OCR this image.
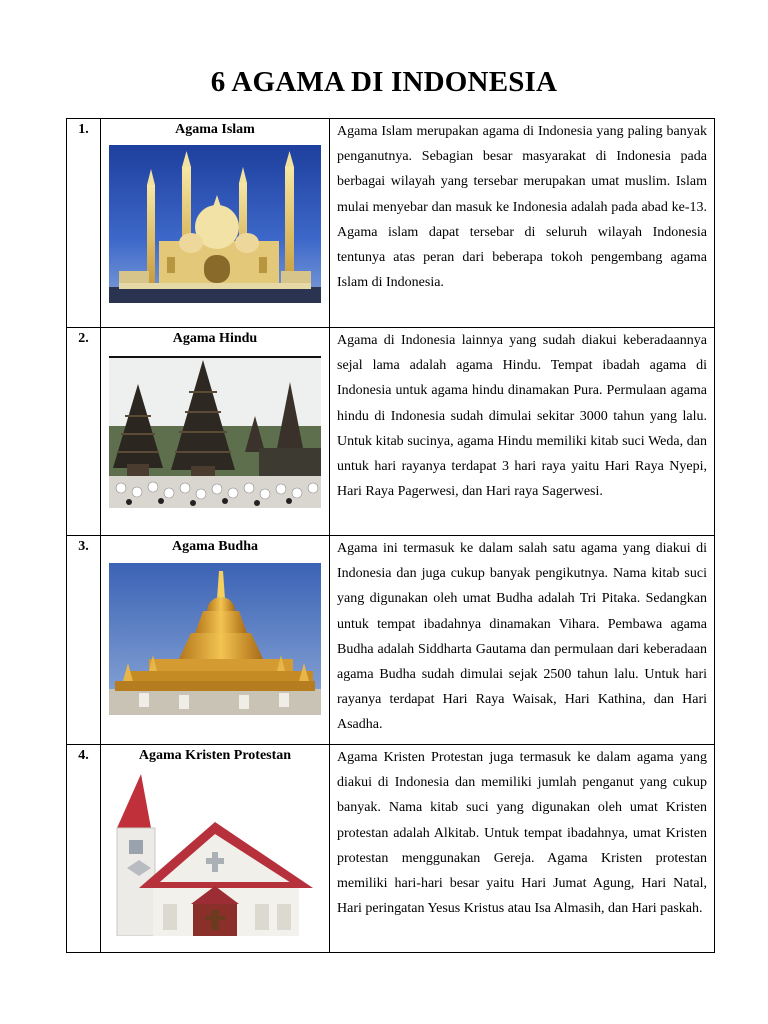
6 AGAMA DI INDONESIA
1.	Agama Islam	Agama Islam merupakan agama di Indonesia yang paling banyak penganutnya. Sebagian besar masyarakat di Indonesia pada berbagai wilayah yang tersebar merupakan umat muslim. Islam mulai menyebar dan masuk ke Indonesia adalah pada abad ke-13. Agama islam dapat tersebar di seluruh wilayah Indonesia tentunya atas peran dari beberapa tokoh pengembang agama Islam di Indonesia.

2.	Agama Hindu	Agama di Indonesia lainnya yang sudah diakui keberadaannya sejal lama adalah agama Hindu. Tempat ibadah agama di Indonesia untuk agama hindu dinamakan Pura. Permulaan agama hindu di Indonesia sudah dimulai sekitar 3000 tahun yang lalu. Untuk kitab sucinya, agama Hindu memiliki kitab suci Weda, dan untuk hari rayanya terdapat 3 hari raya yaitu Hari Raya Nyepi, Hari Raya Pagerwesi, dan Hari raya Sagerwesi.

3.	Agama Budha	Agama ini termasuk ke dalam salah satu agama yang diakui di Indonesia dan juga cukup banyak pengikutnya. Nama kitab suci yang digunakan oleh umat Budha adalah Tri Pitaka. Sedangkan untuk tempat ibadahnya dinamakan Vihara. Pembawa agama Budha adalah Siddharta Gautama dan permulaan dari keberadaan agama Budha sudah dimulai sejak 2500 tahun lalu. Untuk hari rayanya terdapat Hari Raya Waisak, Hari Kathina, dan Hari Asadha.

4.	Agama Kristen Protestan	Agama Kristen Protestan juga termasuk ke dalam agama yang diakui di Indonesia dan memiliki jumlah penganut yang cukup banyak. Nama kitab suci yang digunakan oleh umat Kristen protestan adalah Alkitab. Untuk tempat ibadahnya, umat Kristen protestan menggunakan Gereja. Agama Kristen protestan memiliki hari-hari besar yaitu Hari Jumat Agung, Hari Natal, Hari peringatan Yesus Kristus atau Isa Almasih, dan Hari paskah.
